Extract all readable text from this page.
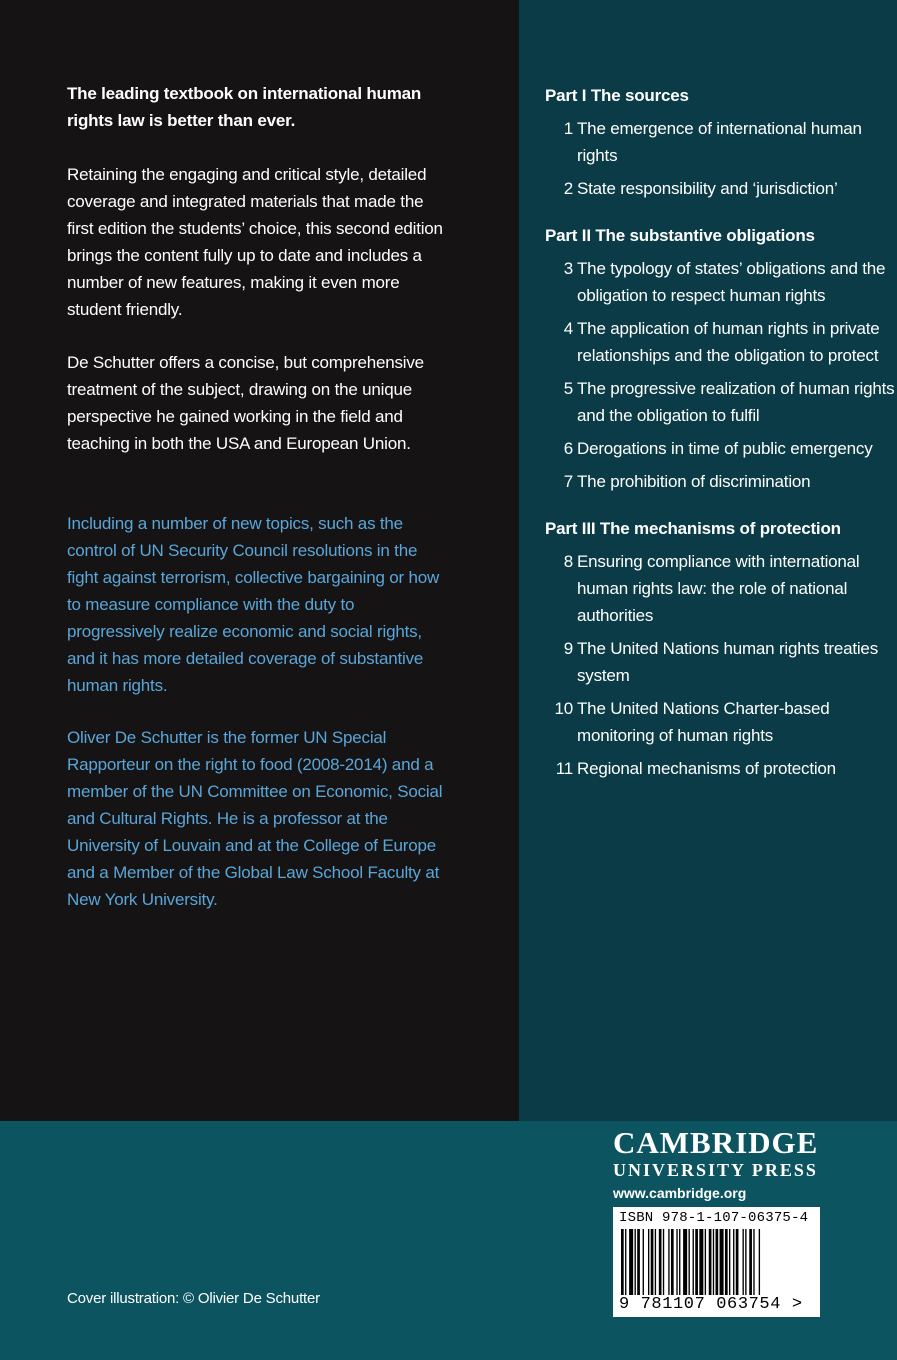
The leading textbook on international human rights law is better than ever.

Retaining the engaging and critical style, detailed coverage and integrated materials that made the first edition the students’ choice, this second edition brings the content fully up to date and includes a number of new features, making it even more student friendly.

De Schutter offers a concise, but comprehensive treatment of the subject, drawing on the unique perspective he gained working in the field and teaching in both the USA and European Union.

Including a number of new topics, such as the control of UN Security Council resolutions in the fight against terrorism, collective bargaining or how to measure compliance with the duty to progressively realize economic and social rights, and it has more detailed coverage of substantive human rights.

Oliver De Schutter is the former UN Special Rapporteur on the right to food (2008-2014) and a member of the UN Committee on Economic, Social and Cultural Rights. He is a professor at the University of Louvain and at the College of Europe and a Member of the Global Law School Faculty at New York University.

Part I The sources
1 The emergence of international human rights
2 State responsibility and ‘jurisdiction’
Part II The substantive obligations
3 The typology of states’ obligations and the obligation to respect human rights
4 The application of human rights in private relationships and the obligation to protect
5 The progressive realization of human rights and the obligation to fulfil
6 Derogations in time of public emergency
7 The prohibition of discrimination
Part III The mechanisms of protection
8 Ensuring compliance with international human rights law: the role of national authorities
9 The United Nations human rights treaties system
10 The United Nations Charter-based monitoring of human rights
11 Regional mechanisms of protection
Cover illustration: © Olivier De Schutter
CAMBRIDGE
UNIVERSITY PRESS
www.cambridge.org
ISBN 978-1-107-06375-4
9 781107 063754 >
